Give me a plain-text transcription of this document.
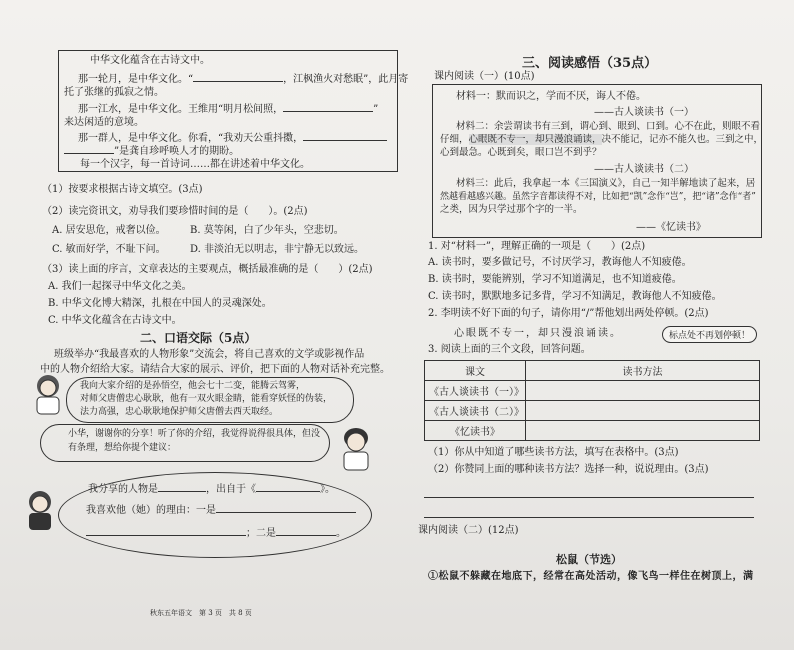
中华文化蕴含在古诗文中。
那一轮月，是中华文化。“	，江枫渔火对愁眠”，此月寄
托了张继的孤寂之情。
那一江水，是中华文化。王维用“明月松间照，	”
来达闲适的意境。
那一群人，是中华文化。你看，“我劝天公重抖擞，
”是龚自珍呼唤人才的期盼。
每一个汉字，每一首诗词……都在讲述着中华文化。
（1）按要求根据古诗文填空。(3点)
（2）读完资讯文，劝导我们要珍惜时间的是（　　）。(2点)
A. 居安思危，戒奢以俭。 B. 莫等闲，白了少年头，空悲切。
C. 敏而好学，不耻下问。 D. 非淡泊无以明志，非宁静无以致远。
（3）读上面的序言，文章表达的主要观点，概括最准确的是（　　）(2点)
A. 我们一起探寻中华文化之美。
B. 中华文化博大精深，扎根在中国人的灵魂深处。
C. 中华文化蕴含在古诗文中。
二、口语交际（5点）
班级举办“我最喜欢的人物形象”交流会，将自己喜欢的文学或影视作品
中的人物介绍给大家。请结合大家的展示、评价，把下面的人物对话补充完整。
我向大家介绍的是孙悟空，他会七十二变，能腾云驾雾，
对师父唐僧忠心耿耿，他有一双火眼金睛，能看穿妖怪的伪装，
法力高强，忠心耿耿地保护师父唐僧去西天取经。
小华，谢谢你的分享！听了你的介绍，我觉得说得很具体，但没
有条理，想给你提个建议：
我分享的人物是	，出自于《	》。
我喜欢他（她）的理由：一是
；二是	。
秋东五年语文　第 3 页　共 8 页
三、阅读感悟（35点）
课内阅读（一）(10点)
材料一：默而识之，学而不厌，诲人不倦。
——古人谈读书（一）
材料二：余尝谓读书有三到，谓心到、眼到、口到。心不在此，则眼不看
仔细，心眼既不专一，却只漫浪诵读，决不能记，记亦不能久也。三到之中，
心到最急。心既到矣，眼口岂不到乎？
——古人谈读书（二）
材料三：此后，我拿起一本《三国演义》，自己一知半解地读了起来，居
然越看越感兴趣。虽然字音都读得不对，比如把“凯”念作“岂”，把“诸”念作“者”
之类，因为只学过那个字的一半。
——《忆读书》
1. 对“材料一”，理解正确的一项是（　　）(2点)
A. 读书时，要多做记号，不讨厌学习，教诲他人不知疲倦。
B. 读书时，要能辨别，学习不知道满足，也不知道疲倦。
C. 读书时，默默地多记多背，学习不知满足，教诲他人不知疲倦。
2. 李明读不好下面的句子，请你用“/”帮他划出两处停顿。(2点)
心眼既不专一，却只漫浪诵读。	标点处不再划停顿！
3. 阅读上面的三个文段，回答问题。
课文	读书方法
《古人谈读书（一）》	
《古人谈读书（二）》	
《忆读书》	
（1）你从中知道了哪些读书方法，填写在表格中。(3点)
（2）你赞同上面的哪种读书方法？选择一种，说说理由。(3点)
课内阅读（二）(12点)
松鼠（节选）
①松鼠不躲藏在地底下，经常在高处活动，像飞鸟一样住在树顶上，满
